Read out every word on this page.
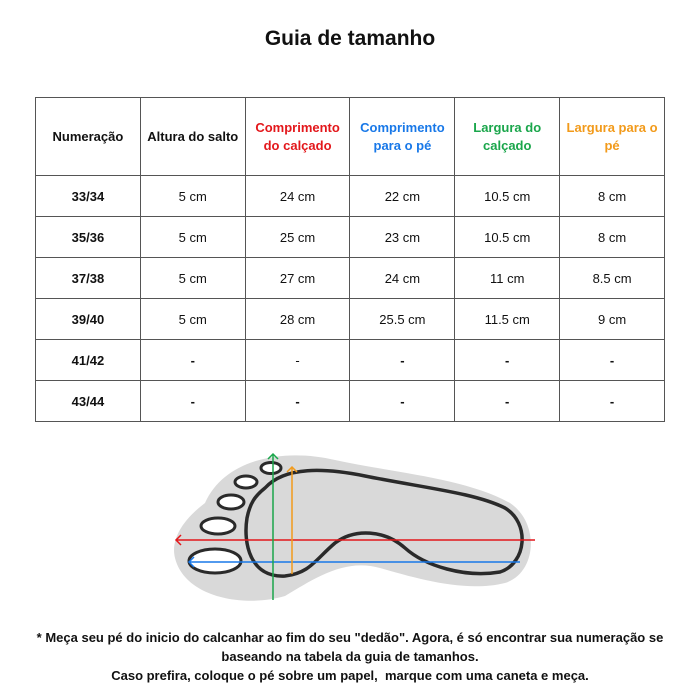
Guia de tamanho
Numeração	Altura do salto	Comprimento do calçado	Comprimento para o pé	Largura do calçado	Largura para o pé
33/34	5 cm	24 cm	22 cm	10.5 cm	8 cm
35/36	5 cm	25 cm	23 cm	10.5 cm	8 cm
37/38	5 cm	27 cm	24 cm	11 cm	8.5 cm
39/40	5 cm	28 cm	25.5 cm	11.5 cm	9 cm
41/42	-	-	-	-	-
43/44	-	-	-	-	-
* Meça seu pé do inicio do calcanhar ao fim do seu "dedão". Agora, é só encontrar sua numeração se
baseando na tabela da guia de tamanhos.
Caso prefira, coloque o pé sobre um papel,  marque com uma caneta e meça.
